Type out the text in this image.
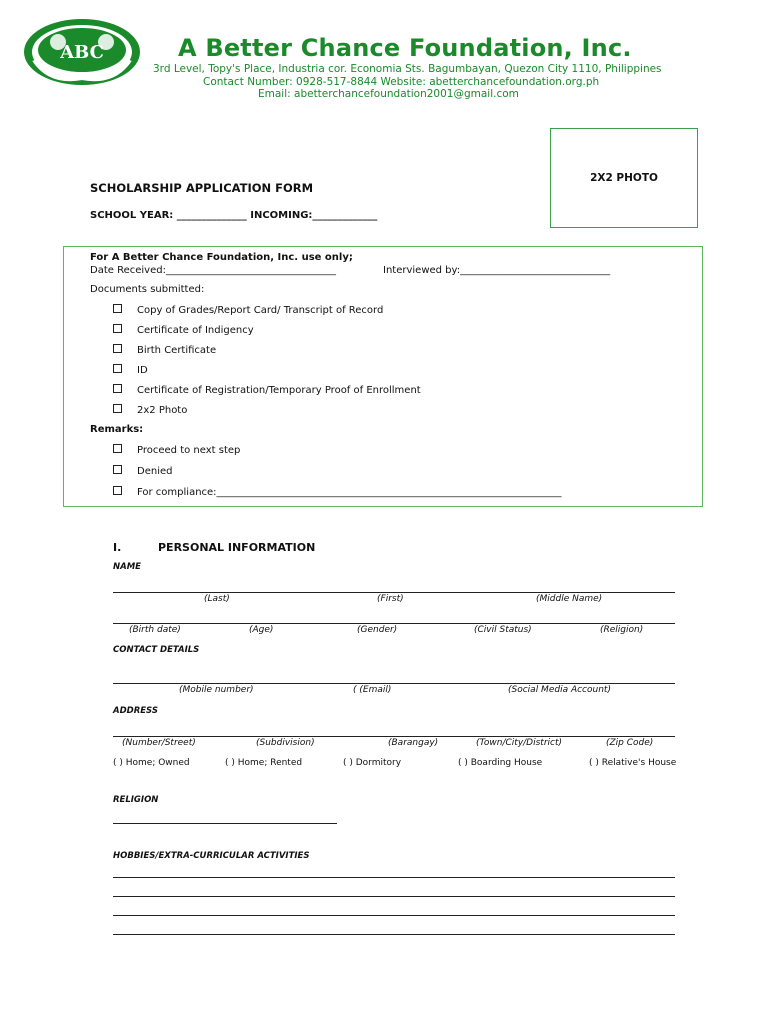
ABC	A Better Chance Foundation, Inc.
3rd Level, Topy's Place, Industria cor. Economia Sts. Bagumbayan, Quezon City 1110, Philippines
Contact Number: 0928-517-8844 Website: abetterchancefoundation.org.ph
Email: abetterchancefoundation2001@gmail.com
2X2 PHOTO
SCHOLARSHIP APPLICATION FORM
SCHOOL YEAR: ______________ INCOMING:_____________
For A Better Chance Foundation, Inc. use only;
Date Received:__________________________________	Interviewed by:______________________________
Documents submitted:
Copy of Grades/Report Card/ Transcript of Record
Certificate of Indigency
Birth Certificate
ID
Certificate of Registration/Temporary Proof of Enrollment
2x2 Photo
Remarks:
Proceed to next step
Denied
For compliance:_____________________________________________________________________
I.	PERSONAL INFORMATION
NAME
(Last)	(First)	(Middle Name)
(Birth date)	(Age)	(Gender)	(Civil Status)	(Religion)
CONTACT DETAILS
(Mobile number)	( (Email)	(Social Media Account)
ADDRESS
(Number/Street)	(Subdivision)	(Barangay)	(Town/City/District)	(Zip Code)
( ) Home; Owned	( ) Home; Rented	( ) Dormitory	( ) Boarding House	( ) Relative's House
RELIGION
HOBBIES/EXTRA-CURRICULAR ACTIVITIES
